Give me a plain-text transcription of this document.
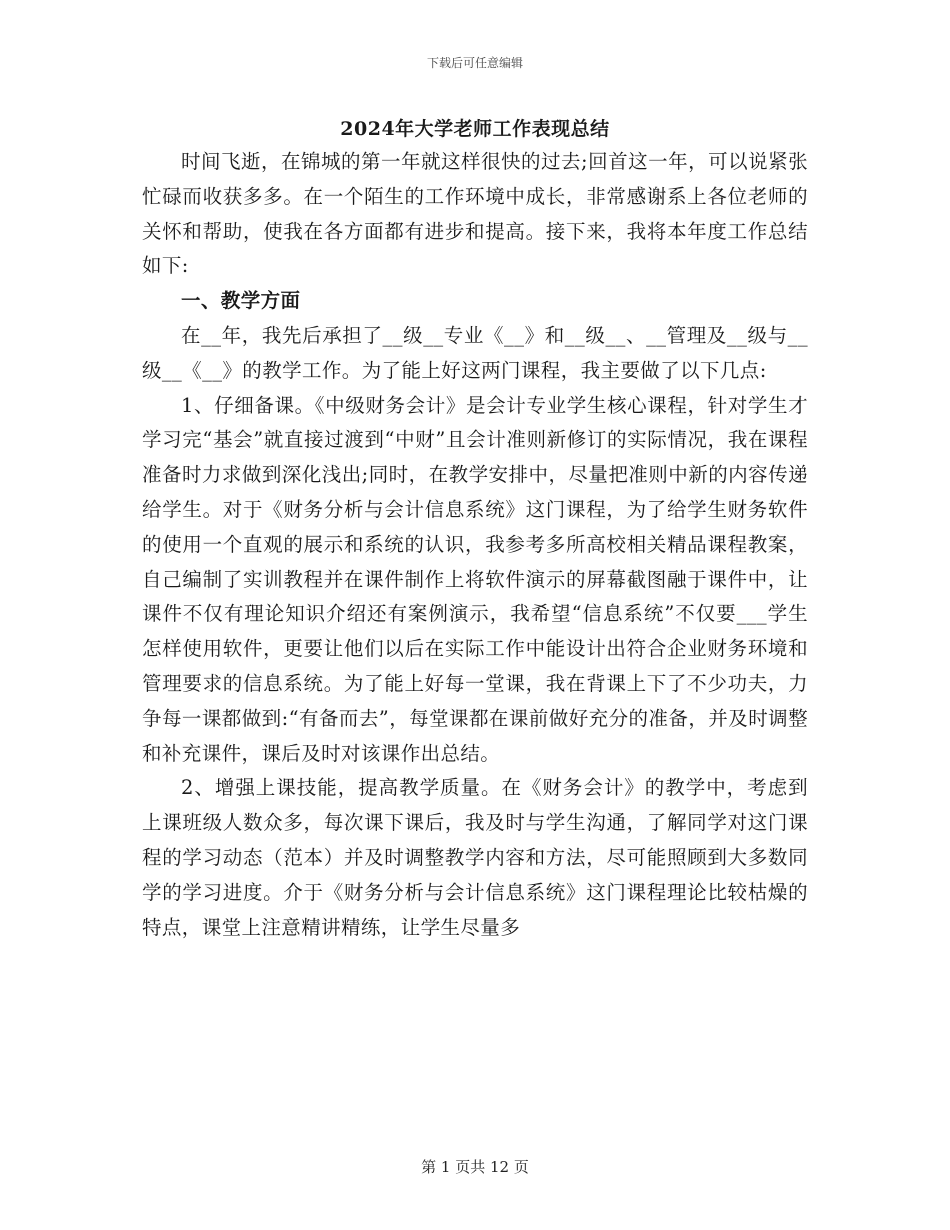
下载后可任意编辑
2024年大学老师工作表现总结

时间飞逝，在锦城的第一年就这样很快的过去;回首这一年，可以说紧张忙碌而收获多多。在一个陌生的工作环境中成长，非常感谢系上各位老师的关怀和帮助，使我在各方面都有进步和提高。接下来，我将本年度工作总结如下:

一、教学方面

在__年，我先后承担了__级__专业《__》和__级__、__管理及__级与__级__《__》的教学工作。为了能上好这两门课程，我主要做了以下几点:

1、仔细备课。《中级财务会计》是会计专业学生核心课程，针对学生才学习完“基会”就直接过渡到“中财”且会计准则新修订的实际情况，我在课程准备时力求做到深化浅出;同时，在教学安排中，尽量把准则中新的内容传递给学生。对于《财务分析与会计信息系统》这门课程，为了给学生财务软件的使用一个直观的展示和系统的认识，我参考多所高校相关精品课程教案，自己编制了实训教程并在课件制作上将软件演示的屏幕截图融于课件中，让课件不仅有理论知识介绍还有案例演示，我希望“信息系统”不仅要___学生怎样使用软件，更要让他们以后在实际工作中能设计出符合企业财务环境和管理要求的信息系统。为了能上好每一堂课，我在背课上下了不少功夫，力争每一课都做到:“有备而去”，每堂课都在课前做好充分的准备，并及时调整和补充课件，课后及时对该课作出总结。

2、增强上课技能，提高教学质量。在《财务会计》的教学中，考虑到上课班级人数众多，每次课下课后，我及时与学生沟通，了解同学对这门课程的学习动态（范本）并及时调整教学内容和方法，尽可能照顾到大多数同学的学习进度。介于《财务分析与会计信息系统》这门课程理论比较枯燥的特点，课堂上注意精讲精练，让学生尽量多

第 1 页共 12 页
